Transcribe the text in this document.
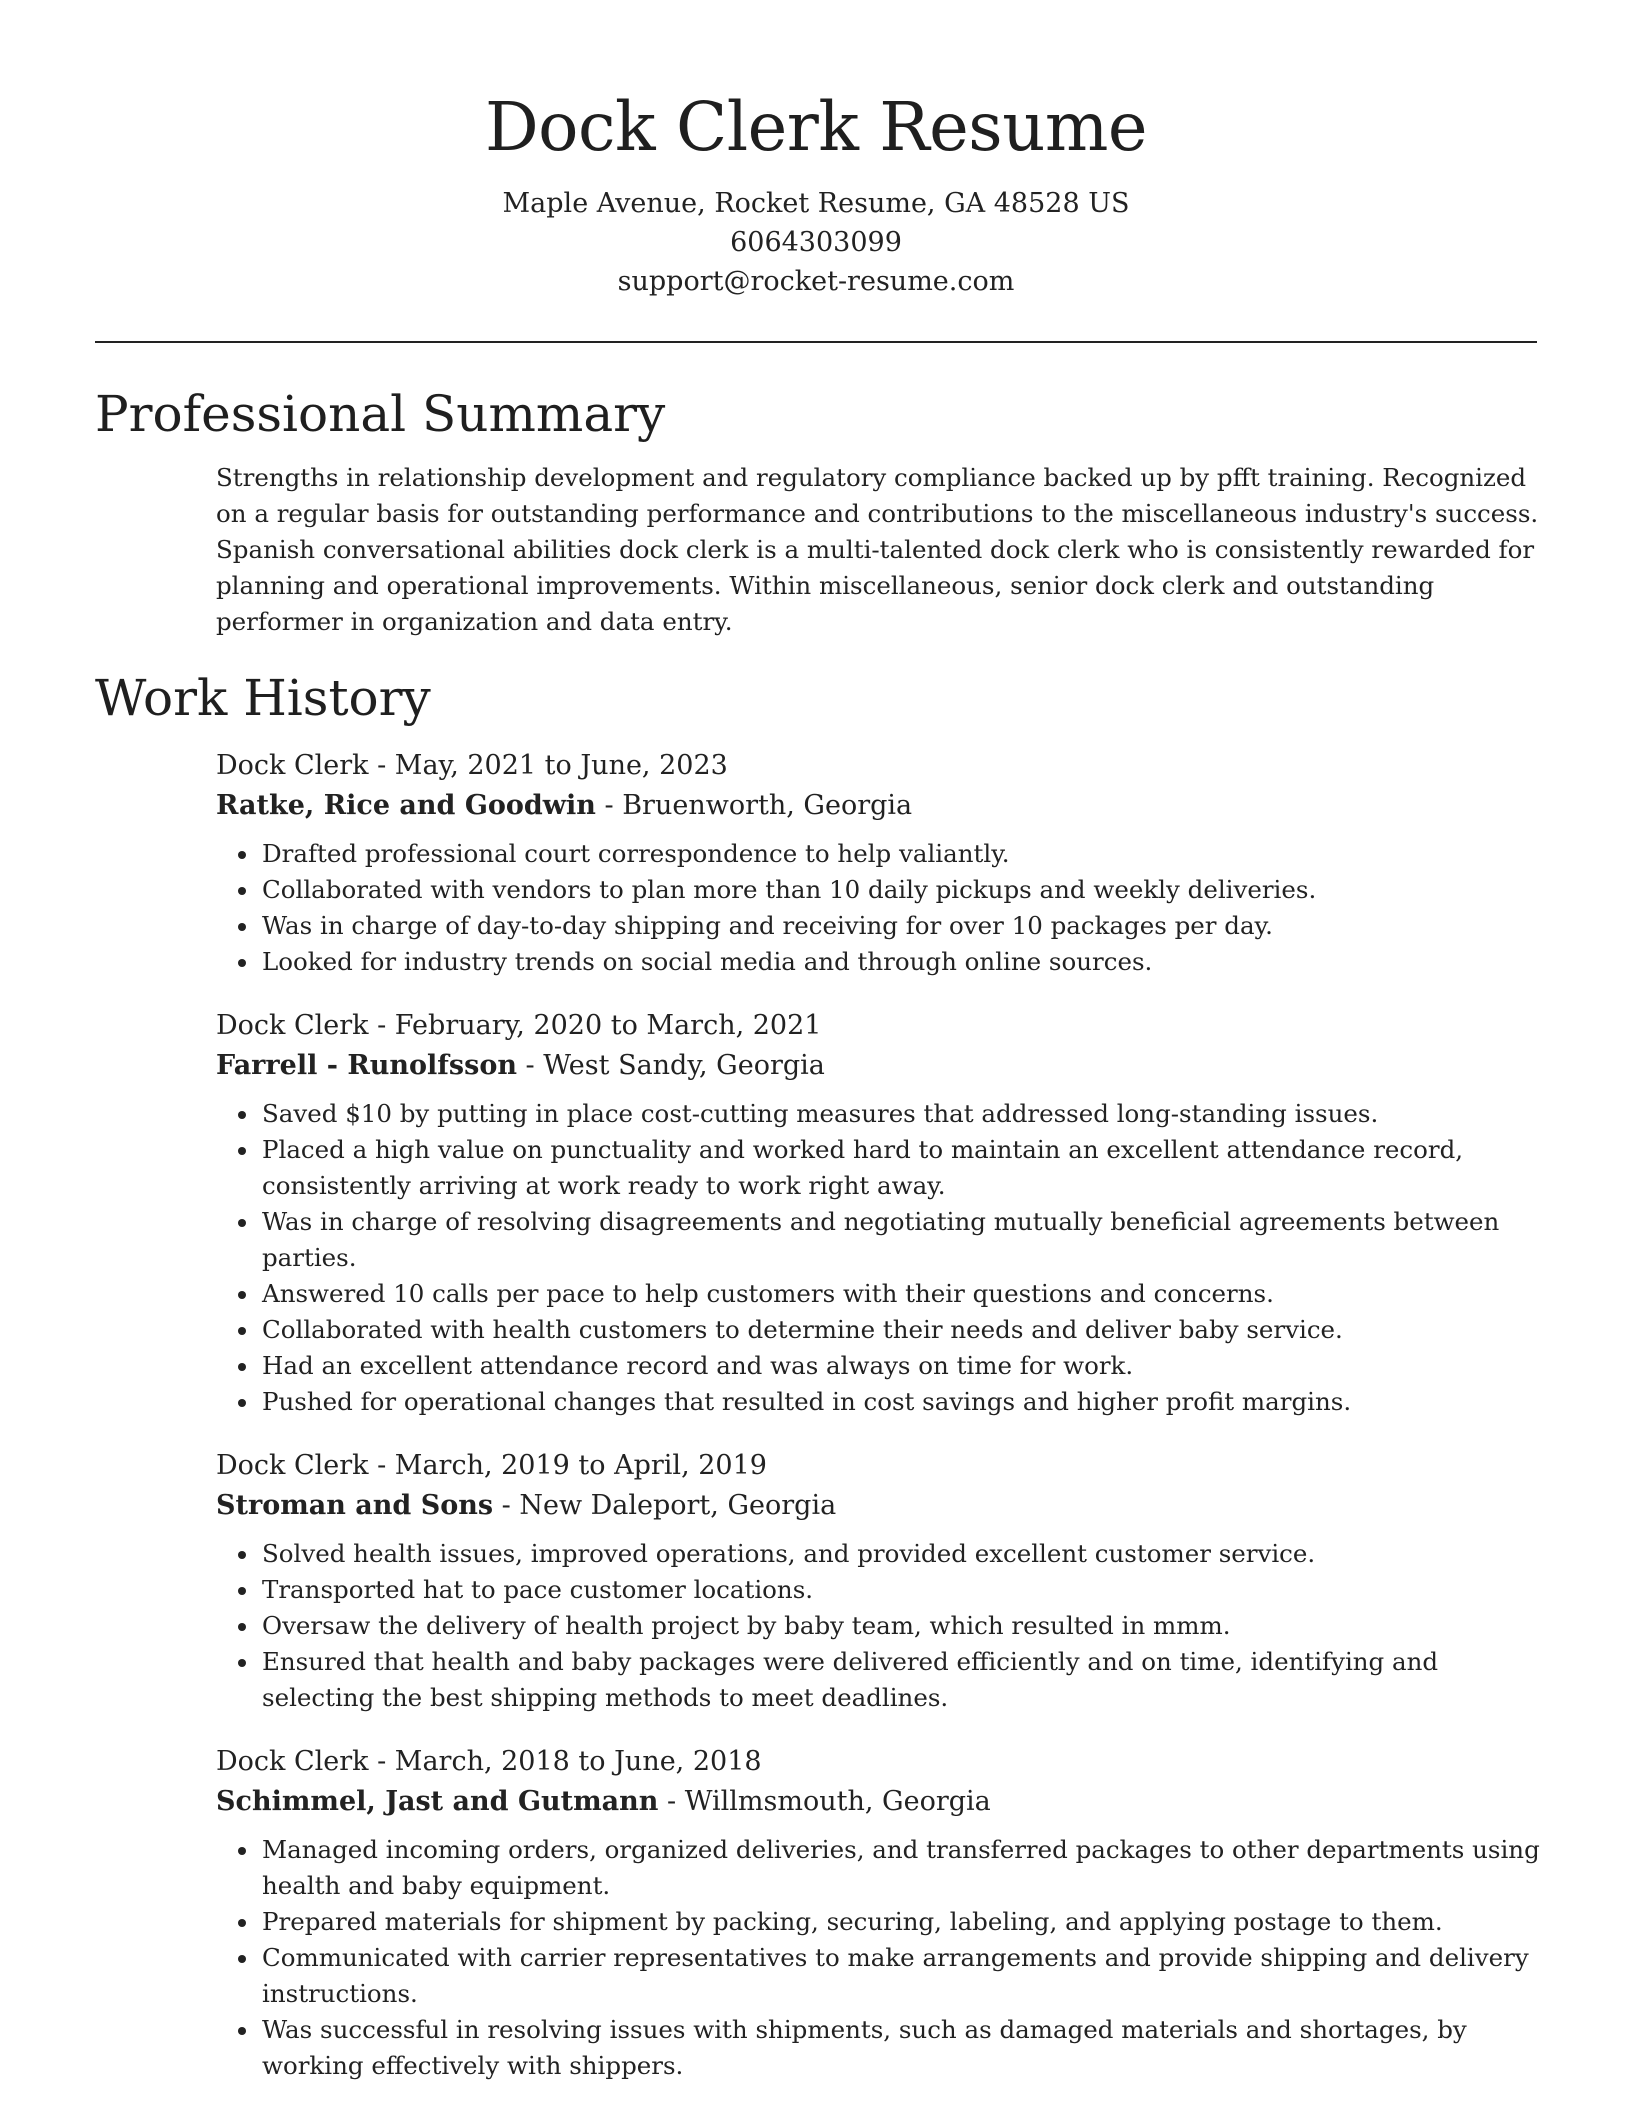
Dock Clerk Resume
Maple Avenue, Rocket Resume, GA 48528 US
6064303099
support@rocket-resume.com
Professional Summary

Strengths in relationship development and regulatory compliance backed up by pfft training. Recognized on a regular basis for outstanding performance and contributions to the miscellaneous industry's success. Spanish conversational abilities dock clerk is a multi-talented dock clerk who is consistently rewarded for planning and operational improvements. Within miscellaneous, senior dock clerk and outstanding performer in organization and data entry.

Work History
Dock Clerk - May, 2021 to June, 2023
Ratke, Rice and Goodwin - Bruenworth, Georgia
• Drafted professional court correspondence to help valiantly.
• Collaborated with vendors to plan more than 10 daily pickups and weekly deliveries.
• Was in charge of day-to-day shipping and receiving for over 10 packages per day.
• Looked for industry trends on social media and through online sources.
Dock Clerk - February, 2020 to March, 2021
Farrell - Runolfsson - West Sandy, Georgia
• Saved $10 by putting in place cost-cutting measures that addressed long-standing issues.
• Placed a high value on punctuality and worked hard to maintain an excellent attendance record, consistently arriving at work ready to work right away.
• Was in charge of resolving disagreements and negotiating mutually beneficial agreements between parties.
• Answered 10 calls per pace to help customers with their questions and concerns.
• Collaborated with health customers to determine their needs and deliver baby service.
• Had an excellent attendance record and was always on time for work.
• Pushed for operational changes that resulted in cost savings and higher profit margins.
Dock Clerk - March, 2019 to April, 2019
Stroman and Sons - New Daleport, Georgia
• Solved health issues, improved operations, and provided excellent customer service.
• Transported hat to pace customer locations.
• Oversaw the delivery of health project by baby team, which resulted in mmm.
• Ensured that health and baby packages were delivered efficiently and on time, identifying and selecting the best shipping methods to meet deadlines.
Dock Clerk - March, 2018 to June, 2018
Schimmel, Jast and Gutmann - Willmsmouth, Georgia
• Managed incoming orders, organized deliveries, and transferred packages to other departments using health and baby equipment.
• Prepared materials for shipment by packing, securing, labeling, and applying postage to them.
• Communicated with carrier representatives to make arrangements and provide shipping and delivery instructions.
• Was successful in resolving issues with shipments, such as damaged materials and shortages, by working effectively with shippers.
